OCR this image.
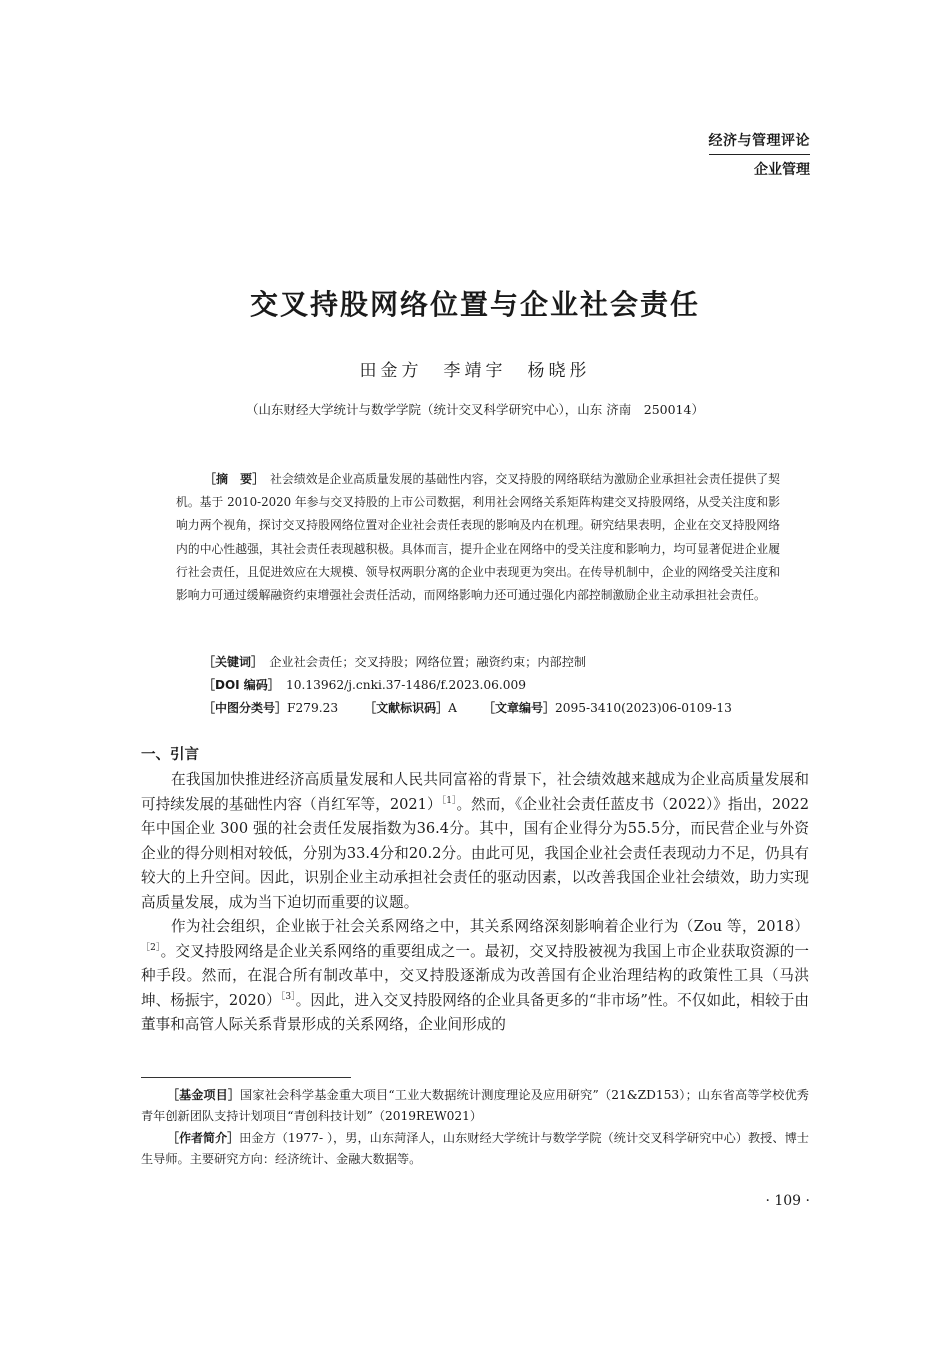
经济与管理评论
企业管理
交叉持股网络位置与企业社会责任
田金方　李靖宇　杨晓彤
（山东财经大学统计与数学学院（统计交叉科学研究中心），山东 济南　250014）
［摘　要］　 社会绩效是企业高质量发展的基础性内容，交叉持股的网络联结为激励企业承担社会责任提供了契机。基于 2010-2020 年参与交叉持股的上市公司数据，利用社会网络关系矩阵构建交叉持股网络，从受关注度和影响力两个视角，探讨交叉持股网络位置对企业社会责任表现的影响及内在机理。研究结果表明，企业在交叉持股网络内的中心性越强，其社会责任表现越积极。具体而言，提升企业在网络中的受关注度和影响力，均可显著促进企业履行社会责任，且促进效应在大规模、领导权两职分离的企业中表现更为突出。在传导机制中，企业的网络受关注度和影响力可通过缓解融资约束增强社会责任活动，而网络影响力还可通过强化内部控制激励企业主动承担社会责任。
［关键词］　 企业社会责任；交叉持股；网络位置；融资约束；内部控制
［DOI 编码］　 10.13962/j.cnki.37-1486/f.2023.06.009
［中图分类号］F279.23 ［文献标识码］A ［文章编号］2095-3410(2023)06-0109-13
一、引言

在我国加快推进经济高质量发展和人民共同富裕的背景下，社会绩效越来越成为企业高质量发展和可持续发展的基础性内容（肖红军等，2021）$^{[1]}$。然而，《企业社会责任蓝皮书（2022）》指出，2022年中国企业 300 强的社会责任发展指数为36.4分。其中，国有企业得分为55.5分，而民营企业与外资企业的得分则相对较低，分别为33.4分和20.2分。由此可见，我国企业社会责任表现动力不足，仍具有较大的上升空间。因此，识别企业主动承担社会责任的驱动因素，以改善我国企业社会绩效，助力实现高质量发展，成为当下迫切而重要的议题。

作为社会组织，企业嵌于社会关系网络之中，其关系网络深刻影响着企业行为（Zou 等，2018）$^{[2]}$。交叉持股网络是企业关系网络的重要组成之一。最初，交叉持股被视为我国上市企业获取资源的一种手段。然而，在混合所有制改革中，交叉持股逐渐成为改善国有企业治理结构的政策性工具（马洪坤、杨振宇，2020）$^{[3]}$。因此，进入交叉持股网络的企业具备更多的“非市场”性。不仅如此，相较于由董事和高管人际关系背景形成的关系网络，企业间形成的

［基金项目］国家社会科学基金重大项目“工业大数据统计测度理论及应用研究”（21&ZD153）；山东省高等学校优秀青年创新团队支持计划项目“青创科技计划”（2019REW021）

［作者简介］田金方（1977- ），男，山东菏泽人，山东财经大学统计与数学学院（统计交叉科学研究中心）教授、博士生导师。主要研究方向：经济统计、金融大数据等。

· 109 ·
